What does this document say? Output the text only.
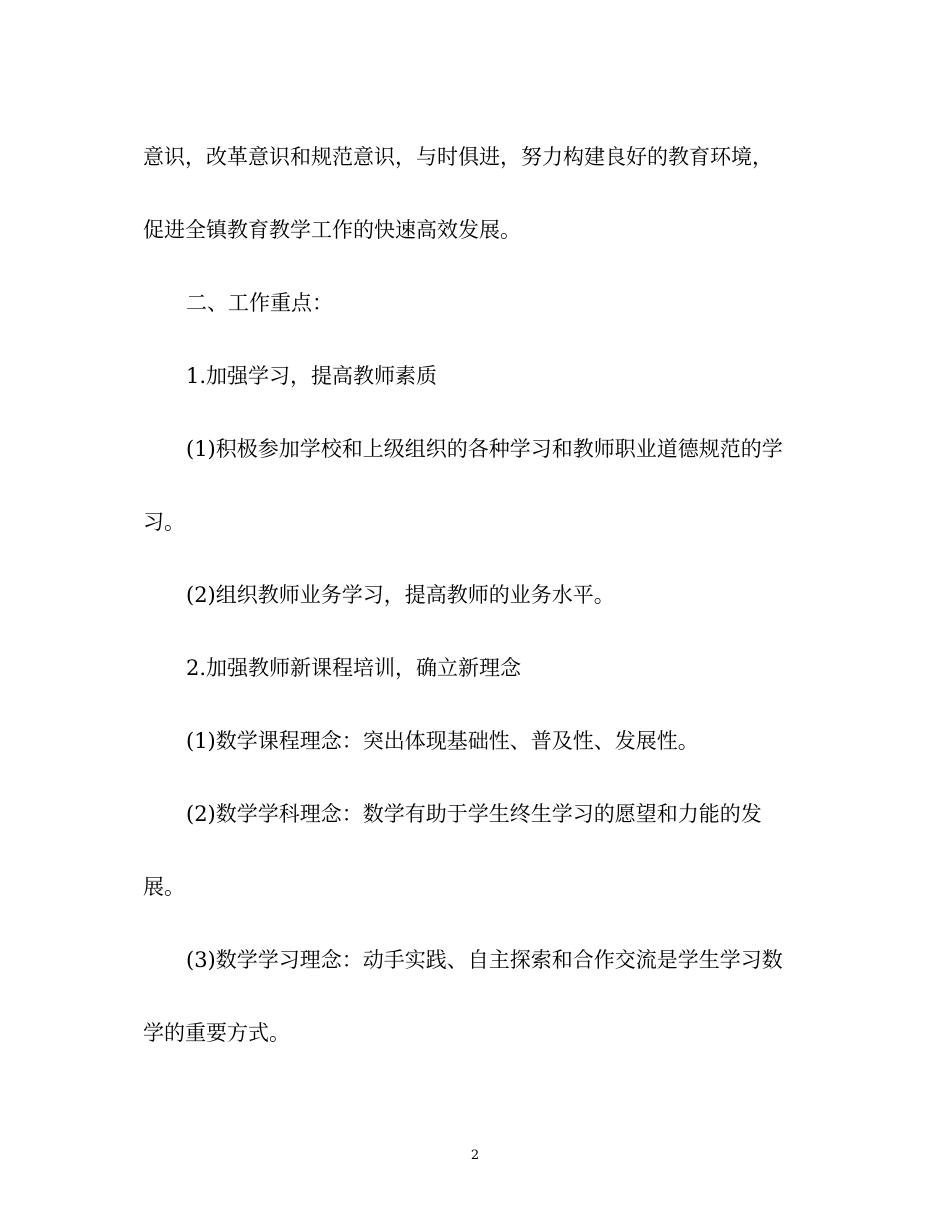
意识，改革意识和规范意识，与时俱进，努力构建良好的教育环境，

促进全镇教育教学工作的快速高效发展。

二、工作重点：

1.加强学习，提高教师素质

(1)积极参加学校和上级组织的各种学习和教师职业道德规范的学

习。

(2)组织教师业务学习，提高教师的业务水平。

2.加强教师新课程培训，确立新理念

(1)数学课程理念：突出体现基础性、普及性、发展性。

(2)数学学科理念：数学有助于学生终生学习的愿望和力能的发

展。

(3)数学学习理念：动手实践、自主探索和合作交流是学生学习数

学的重要方式。

2
